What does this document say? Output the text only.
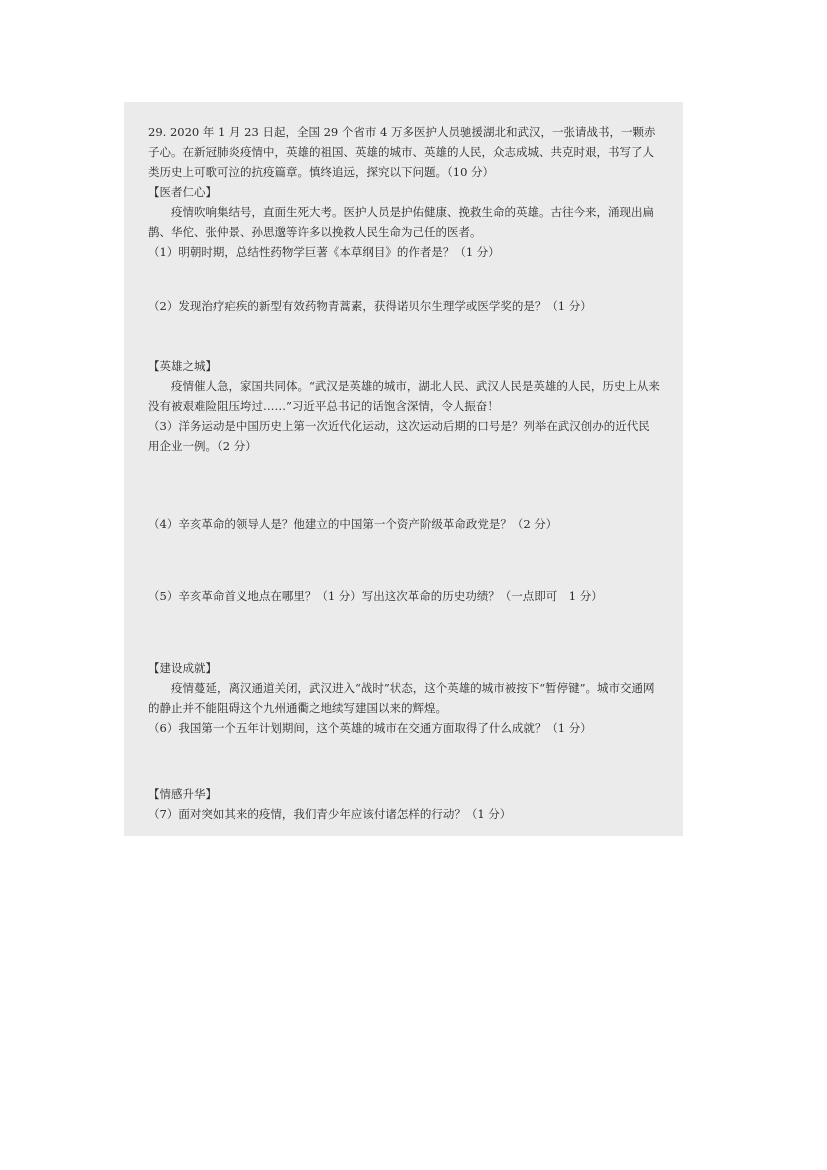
29. 2020 年 1 月 23 日起，全国 29 个省市 4 万多医护人员驰援湖北和武汉，一张请战书，一颗赤子心。在新冠肺炎疫情中，英雄的祖国、英雄的城市、英雄的人民，众志成城、共克时艰，书写了人类历史上可歌可泣的抗疫篇章。慎终追远，探究以下问题。（10 分）

【医者仁心】

疫情吹响集结号，直面生死大考。医护人员是护佑健康、挽救生命的英雄。古往今来，涌现出扁鹊、华佗、张仲景、孙思邈等许多以挽救人民生命为己任的医者。

（1）明朝时期，总结性药物学巨著《本草纲目》的作者是？（1 分）

（2）发现治疗疟疾的新型有效药物青蒿素，获得诺贝尔生理学或医学奖的是？（1 分）

【英雄之城】

疫情催人急，家国共同体。“武汉是英雄的城市，湖北人民、武汉人民是英雄的人民，历史上从来没有被艰难险阻压垮过……”习近平总书记的话饱含深情，令人振奋！

（3）洋务运动是中国历史上第一次近代化运动，这次运动后期的口号是？列举在武汉创办的近代民用企业一例。（2 分）

（4）辛亥革命的领导人是？他建立的中国第一个资产阶级革命政党是？（2 分）

（5）辛亥革命首义地点在哪里？（1 分）写出这次革命的历史功绩？（一点即可　1 分）

【建设成就】

疫情蔓延，离汉通道关闭，武汉进入“战时”状态，这个英雄的城市被按下“暂停键”。城市交通网的静止并不能阻碍这个九州通衢之地续写建国以来的辉煌。

（6）我国第一个五年计划期间，这个英雄的城市在交通方面取得了什么成就？（1 分）

【情感升华】

（7）面对突如其来的疫情，我们青少年应该付诸怎样的行动？（1 分）
